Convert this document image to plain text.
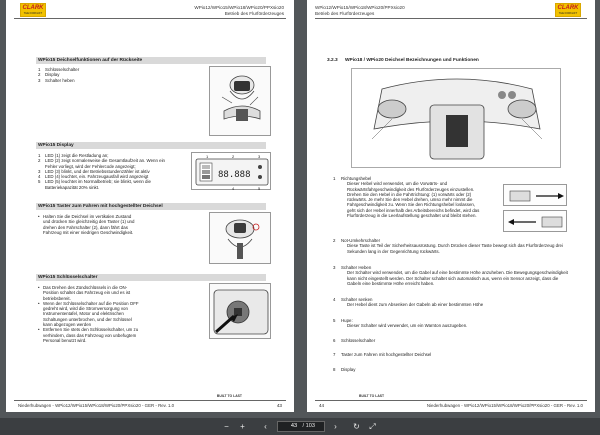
CLARK
THE FORKLIFT
WPio12/WPio15/WPio18/WPio20/PPXsio20
Betrieb des Flurförderzeuges
WPio15 Deichselfunktionen auf der Rückseite
1 Schlüsselschalter
2 Display
3 Schalter heben
WPio15 Display
1 LED (1) zeigt die Restladung an;
2 LED (2) zeigt normalerweise die Gesamtlaufzeit an. Wenn ein Fehler vorliegt, wird der Fehlercode angezeigt;
3 LED (3) blinkt, und der Betriebsstundenzähler ist aktiv
4 LED (4) leuchtet, ein. Fahrzeugausfall wird angezeigt
5 LED (5) leuchtet im Normalbetrieb; sie blinkt, wenn die Batteriekapazität 20% sinkt.
88.888
1	2	3
4	5
WPio15 Taster zum Fahren mit hochgestellter Deichsel
• Halten Sie die Deichsel im vertikalen Zustand und drücken Sie gleichzeitig den Taster (1) und drehen den Fahrschalter (2), dann fährt das Fahrzeug mit einer niedrigen Geschwindigkeit.
WPio15 Schlüsselschalter
• Das Drehen des Zündschlüssels in die ON-Position schaltet das Fahrzeug ein und es ist betriebsbereit.
• Wenn der Schlüsselschalter auf die Position OFF gedreht wird, wird die Stromversorgung von Instrumententafel, Motor und elektrischen Schaltungen unterbrochen, und der Schlüssel kann abgezogen werden
• Entfernen Sie stets den Schlüsselschalter, um zu verhindern, dass das Fahrzeug von unbefugtem Personal benutzt wird.
BUILT TO LAST
Niederhubwagen - WPio12/WPio15/WPio18/WPio20/PPXsio20 - GER - Rev. 1.0	43
CLARK
THE FORKLIFT
WPio12/WPio15/WPio18/WPio20/PPXsio20
Betrieb des Flurförderzeuges
3.2.3 WPio18 / WPio20 Deichsel Bezeichnungen und Funktionen
1	Richtungshebel
Dieser Hebel wird verwendet, um die Vorwärts- und Rückwärtsfahrgeschwindigkeit des Flurförderzeuges einzustellen. Drehen Sie den Hebel in die Fahrtrichtung: (1) vorwärts oder (2) rückwärts. Je mehr Sie den Hebel drehen, umso mehr nimmt die Fahrgeschwindigkeit zu. Wenn Sie den Richtungshebel loslassen, geht sich der Hebel innerhalb des Arbeitsbereichs befindet, wird das Flurförderzeug in die Leerlaufstellung geschaltet und bleibt stehen.
2	Not-Umkehrschalter
Diese Taste ist Teil der Sicherheitsausrüstung. Durch Drücken dieser Taste bewegt sich das Flurförderzeug drei Sekunden lang in der Gegenrichtung rückwärts.
3	Schalter Heben
Der Schalter wird verwendet, um die Gabel auf eine bestimmte Höhe anzuheben. Die Bewegungsgeschwindigkeit kann nicht eingestellt werden. Der Schalter schaltet sich automatisch aus, wenn ein Sensor anzeigt, dass die Gabeln eine bestimmte Höhe erreicht haben.
4	Schalter senken
Der Hebel dient zum Absenken der Gabeln ab einer bestimmten Höhe
5	Hupe:
Dieser Schalter wird verwendet, um ein Warnton auszugeben.
6	Schlüsselschalter
7	Taster zum Fahren mit hochgestellter Deichsel
8	Display
BUILT TO LAST
44	Niederhubwagen - WPio12/WPio15/WPio18/WPio20/PPXsio20 - GER - Rev. 1.0
−	+	‹
43	/ 103	›	↻	⤢
